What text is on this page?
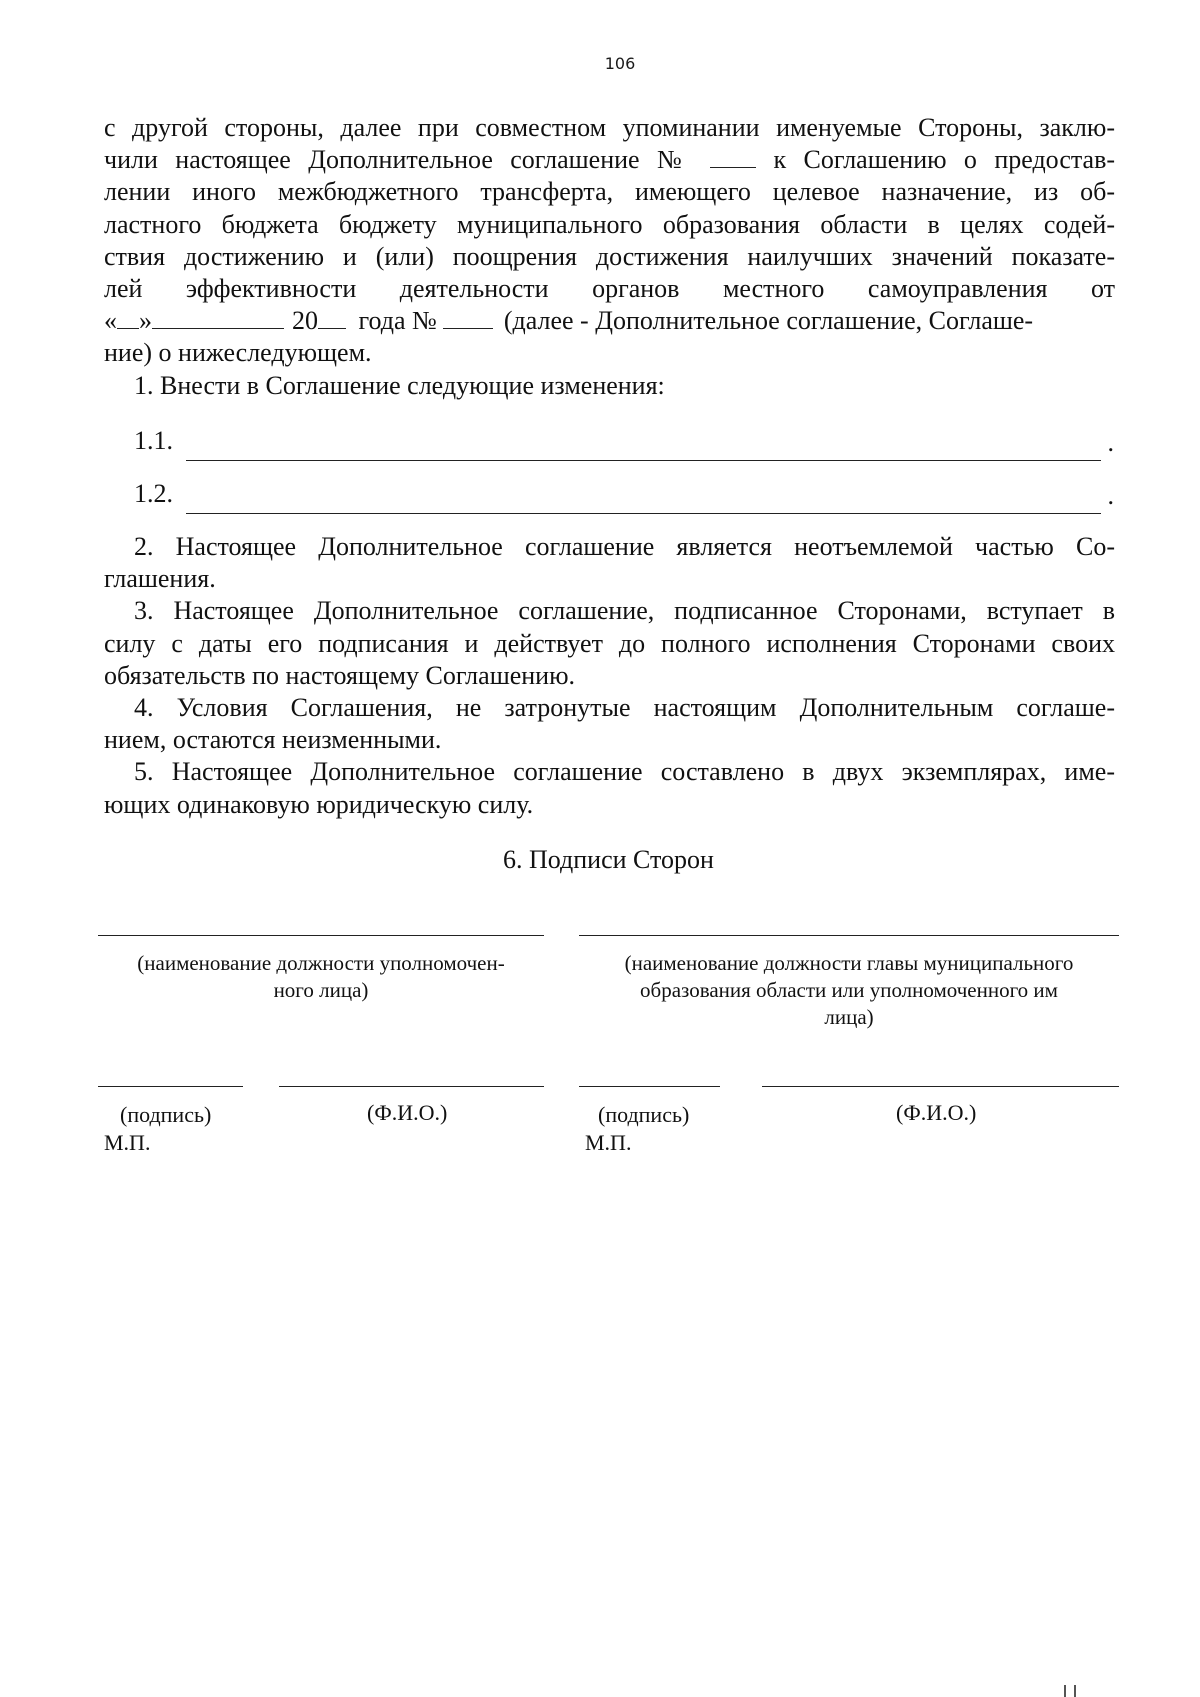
106
с другой стороны, далее при совместном упоминании именуемые Стороны, заклю-
чили настоящее Дополнительное соглашение №	к Соглашению о предостав-
лении иного межбюджетного трансферта, имеющего целевое назначение, из об-
ластного бюджета бюджету муниципального образования области в целях содей-
ствия достижению и (или) поощрения достижения наилучших значений показате-
лей эффективности деятельности органов местного самоуправления от
« »	20 года №	(далее - Дополнительное соглашение, Соглаше-
ние) о нижеследующем.
1. Внести в Соглашение следующие изменения:
1.1.	.
1.2.	.
2. Настоящее Дополнительное соглашение является неотъемлемой частью Со-
глашения.
3. Настоящее Дополнительное соглашение, подписанное Сторонами, вступает в
силу с даты его подписания и действует до полного исполнения Сторонами своих
обязательств по настоящему Соглашению.
4. Условия Соглашения, не затронутые настоящим Дополнительным соглаше-
нием, остаются неизменными.
5. Настоящее Дополнительное соглашение составлено в двух экземплярах, име-
ющих одинаковую юридическую силу.
6. Подписи Сторон
(наименование должности уполномочен-
ного лица)
(наименование должности главы муниципального
образования области или уполномоченного им
лица)
(подпись)	(Ф.И.О.)	(подпись)	(Ф.И.О.)
М.П.	М.П.
